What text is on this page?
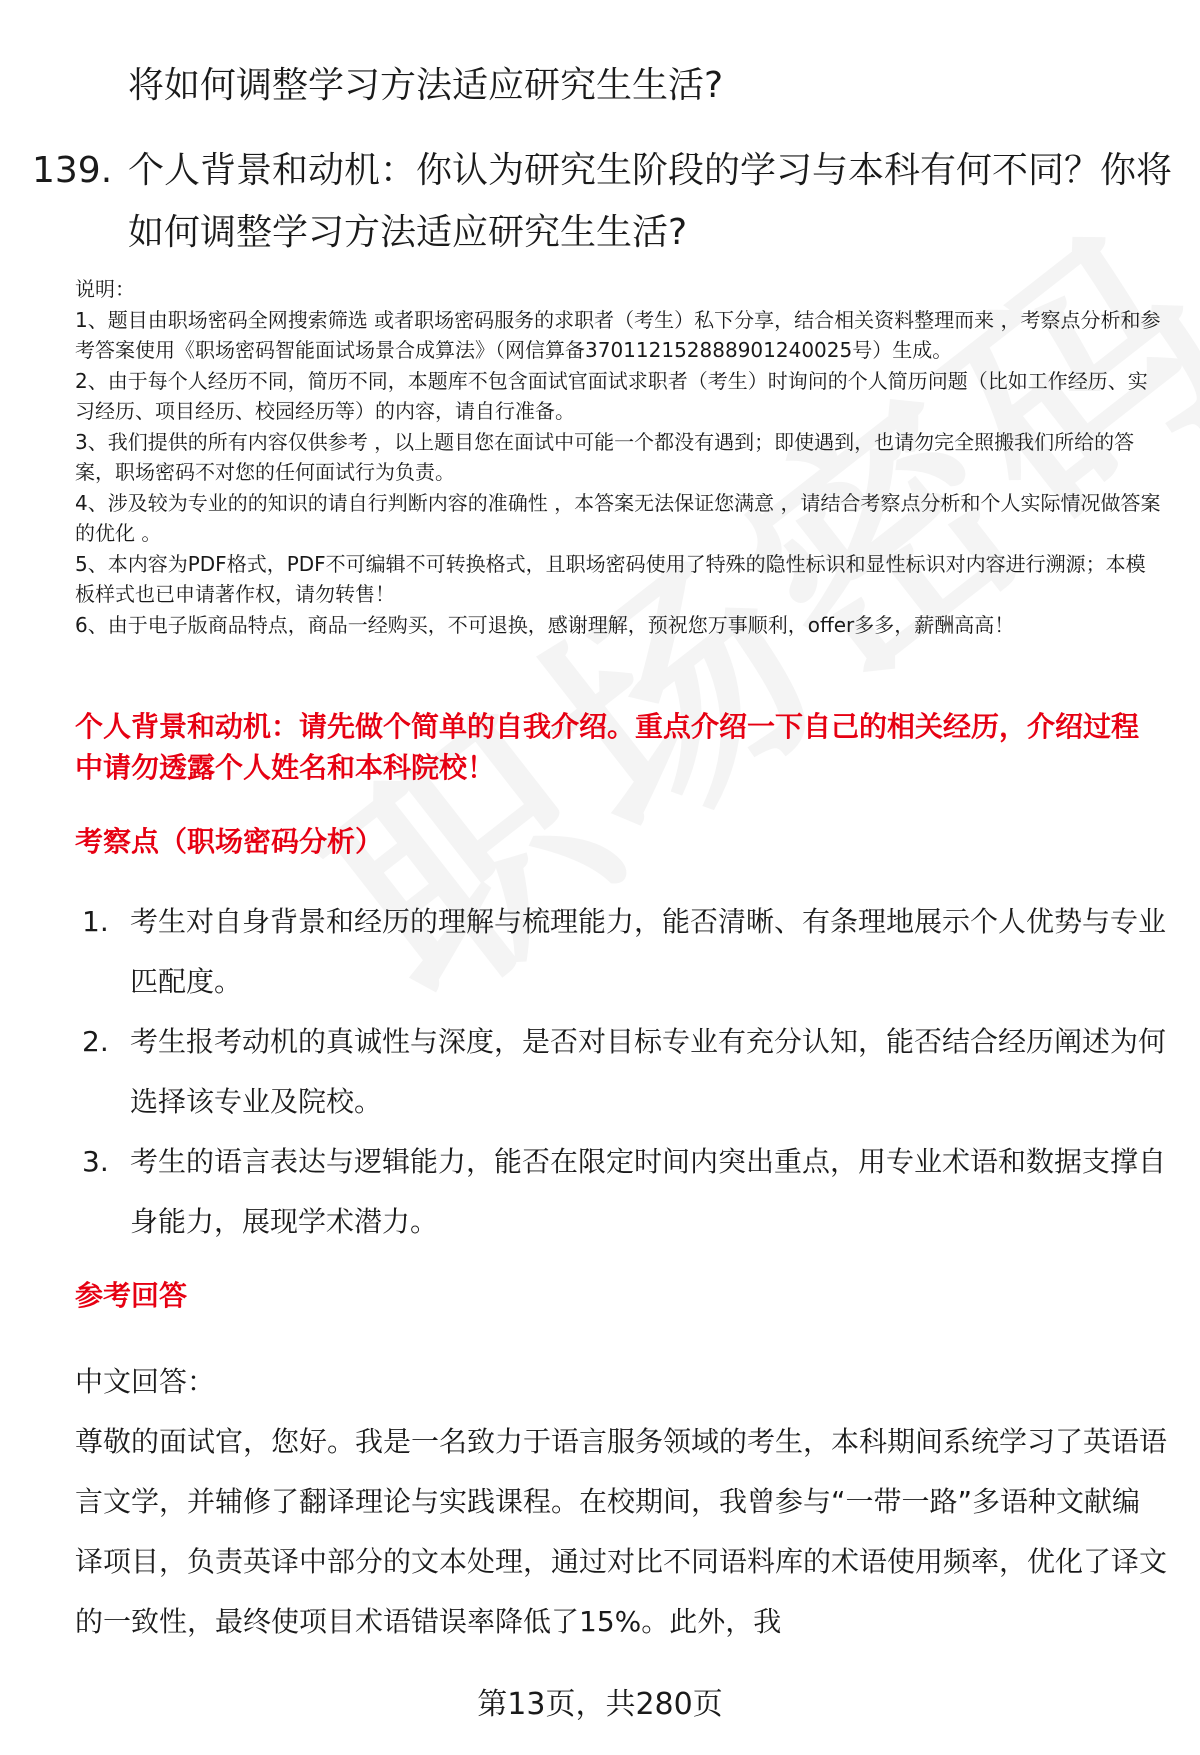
将如何调整学习方法适应研究生生活?
139. 个人背景和动机：你认为研究生阶段的学习与本科有何不同？你将如何调整学习方法适应研究生生活?

说明：

1、题目由职场密码全网搜索筛选 或者职场密码服务的求职者（考生）私下分享，结合相关资料整理而来 ，考察点分析和参考答案使用《职场密码智能面试场景合成算法》（网信算备370112152888901240025号）生成。

2、由于每个人经历不同，简历不同，本题库不包含面试官面试求职者（考生）时询问的个人简历问题（比如工作经历、实习经历、项目经历、校园经历等）的内容，请自行准备。

3、我们提供的所有内容仅供参考 ，以上题目您在面试中可能一个都没有遇到；即使遇到，也请勿完全照搬我们所给的答案，职场密码不对您的任何面试行为负责。

4、涉及较为专业的的知识的请自行判断内容的准确性 ，本答案无法保证您满意 ，请结合考察点分析和个人实际情况做答案的优化 。

5、本内容为PDF格式，PDF不可编辑不可转换格式，且职场密码使用了特殊的隐性标识和显性标识对内容进行溯源；本模板样式也已申请著作权，请勿转售！

6、由于电子版商品特点，商品一经购买，不可退换，感谢理解，预祝您万事顺利，offer多多，薪酬高高！

个人背景和动机：请先做个简单的自我介绍。重点介绍一下自己的相关经历，介绍过程中请勿透露个人姓名和本科院校！
考察点（职场密码分析）
1. 考生对自身背景和经历的理解与梳理能力，能否清晰、有条理地展示个人优势与专业匹配度。
2. 考生报考动机的真诚性与深度，是否对目标专业有充分认知，能否结合经历阐述为何选择该专业及院校。
3. 考生的语言表达与逻辑能力，能否在限定时间内突出重点，用专业术语和数据支撑自身能力，展现学术潜力。
参考回答

中文回答：

尊敬的面试官，您好。我是一名致力于语言服务领域的考生，本科期间系统学习了英语语言文学，并辅修了翻译理论与实践课程。在校期间，我曾参与“一带一路”多语种文献编译项目，负责英译中部分的文本处理，通过对比不同语料库的术语使用频率，优化了译文的一致性，最终使项目术语错误率降低了15%。此外，我

第13页，共280页
